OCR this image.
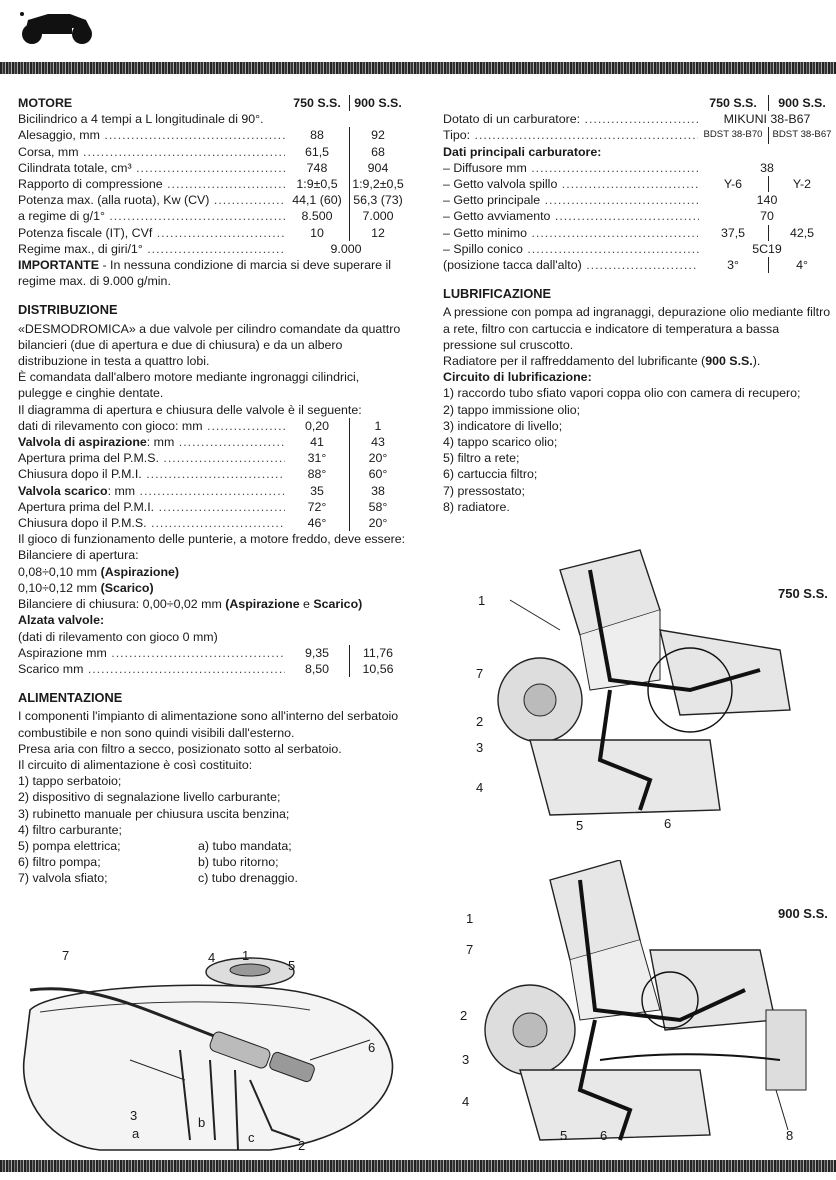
MOTORE	750 S.S.	900 S.S.
Bicilindrico a 4 tempi a L longitudinale di 90°.
Alesaggio, mm .....	88	92
Corsa, mm .....	61,5	68
Cilindrata totale, cm³ .....	748	904
Rapporto di compressione .....	1:9±0,5	1:9,2±0,5
Potenza max. (alla ruota), Kw (CV) .....	44,1 (60) 56,3 (73)
a regime di g/1° .....	8.500	7.000
Potenza fiscale (IT), CVf .....	10	12
Regime max., di giri/1° .....	9.000
IMPORTANTE - In nessuna condizione di marcia si deve superare il regime max. di 9.000 g/min.
DISTRIBUZIONE
«DESMODROMICA» a due valvole per cilindro comandate da quattro bilancieri (due di apertura e due di chiusura) e da un albero distribuzione in testa a quattro lobi.
È comandata dall'albero motore mediante ingronaggi cilindrici, pulegge e cinghie dentate.
Il diagramma di apertura e chiusura delle valvole è il seguente:
dati di rilevamento con gioco: mm .....	0,20	1
Valvola di aspirazione: mm .....	41	43
Apertura prima del P.M.S. .....	31°	20°
Chiusura dopo il P.M.I. .....	88°	60°
Valvola scarico: mm .....	35	38
Apertura prima del P.M.I. .....	72°	58°
Chiusura dopo il P.M.S. .....	46°	20°
Il gioco di funzionamento delle punterie, a motore freddo, deve essere:
Bilanciere di apertura:
0,08÷0,10 mm (Aspirazione)
0,10÷0,12 mm (Scarico)
Bilanciere di chiusura: 0,00÷0,02 mm (Aspirazione e Scarico)
Alzata valvole:
(dati di rilevamento con gioco 0 mm)
Aspirazione mm .....	9,35	11,76
Scarico mm .....	8,50	10,56
ALIMENTAZIONE
I componenti l'impianto di alimentazione sono all'interno del serbatoio combustibile e non sono quindi visibili dall'esterno.
Presa aria con filtro a secco, posizionato sotto al serbatoio.
Il circuito di alimentazione è così costituito:
1) tappo serbatoio;
2) dispositivo di segnalazione livello carburante;
3) rubinetto manuale per chiusura uscita benzina;
4) filtro carburante;
5) pompa elettrica;	a) tubo mandata;
6) filtro pompa;	b) tubo ritorno;
7) valvola sfiato;	c) tubo drenaggio.
7	4 1
5
6
3
a
b
c
2
750 S.S.	900 S.S.
Dotato di un carburatore: .....	MIKUNI 38-B67
Tipo: .....	BDST 38-B70	BDST 38-B67
Dati principali carburatore:
– Diffusore mm .....	38
– Getto valvola spillo .....	Y-6	Y-2
– Getto principale .....	140
– Getto avviamento .....	70
– Getto minimo .....	37,5	42,5
– Spillo conico .....	5C19
(posizione tacca dall'alto) .....	3°	4°
LUBRIFICAZIONE
A pressione con pompa ad ingranaggi, depurazione olio mediante filtro a rete, filtro con cartuccia e indicatore di temperatura a bassa pressione sul cruscotto.
Radiatore per il raffreddamento del lubrificante (900 S.S.).
Circuito di lubrificazione:
1) raccordo tubo sfiato vapori coppa olio con camera di recupero;
2) tappo immissione olio;
3) indicatore di livello;
4) tappo scarico olio;
5) filtro a rete;
6) cartuccia filtro;
7) pressostato;
8) radiatore.
750 S.S.
1
7
2
3
4
5	6
900 S.S.
1
7
2
3
4
5	6	8
